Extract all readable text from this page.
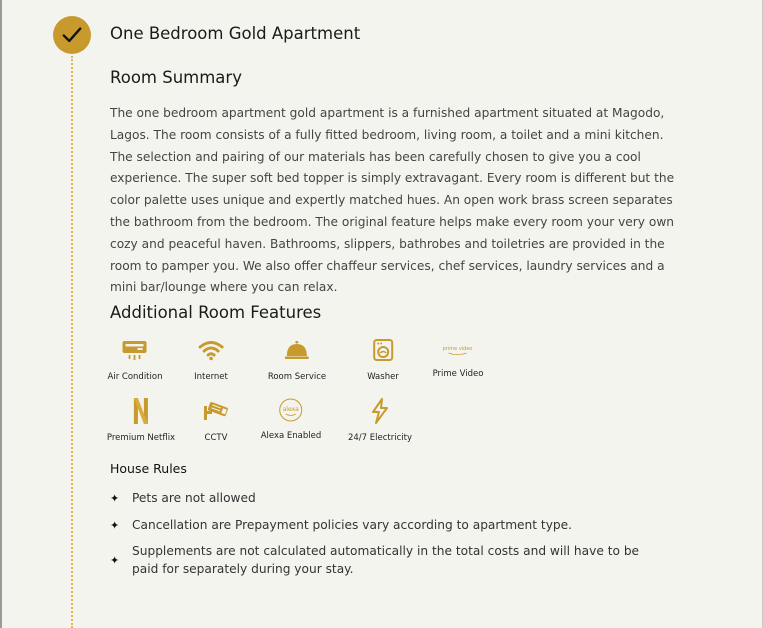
One Bedroom Gold Apartment
Room Summary

The one bedroom apartment gold apartment is a furnished apartment situated at Magodo, Lagos. The room consists of a fully fitted bedroom, living room, a toilet and a mini kitchen. The selection and pairing of our materials has been carefully chosen to give you a cool experience. The super soft bed topper is simply extravagant. Every room is different but the color palette uses unique and expertly matched hues. An open work brass screen separates the bathroom from the bedroom. The original feature helps make every room your very own cozy and peaceful haven. Bathrooms, slippers, bathrobes and toiletries are provided in the room to pamper you. We also offer chaffeur services, chef services, laundry services and a mini bar/lounge where you can relax.

Additional Room Features
Air Condition	Internet	Room Service	Washer
prime video
Prime Video
Premium Netflix	CCTV
alexa
Alexa Enabled	24/7 Electricity
House Rules
✦	Pets are not allowed
✦	Cancellation are Prepayment policies vary according to apartment type.
✦
Supplements are not calculated automatically in the total costs and will have to be paid for separately during your stay.
